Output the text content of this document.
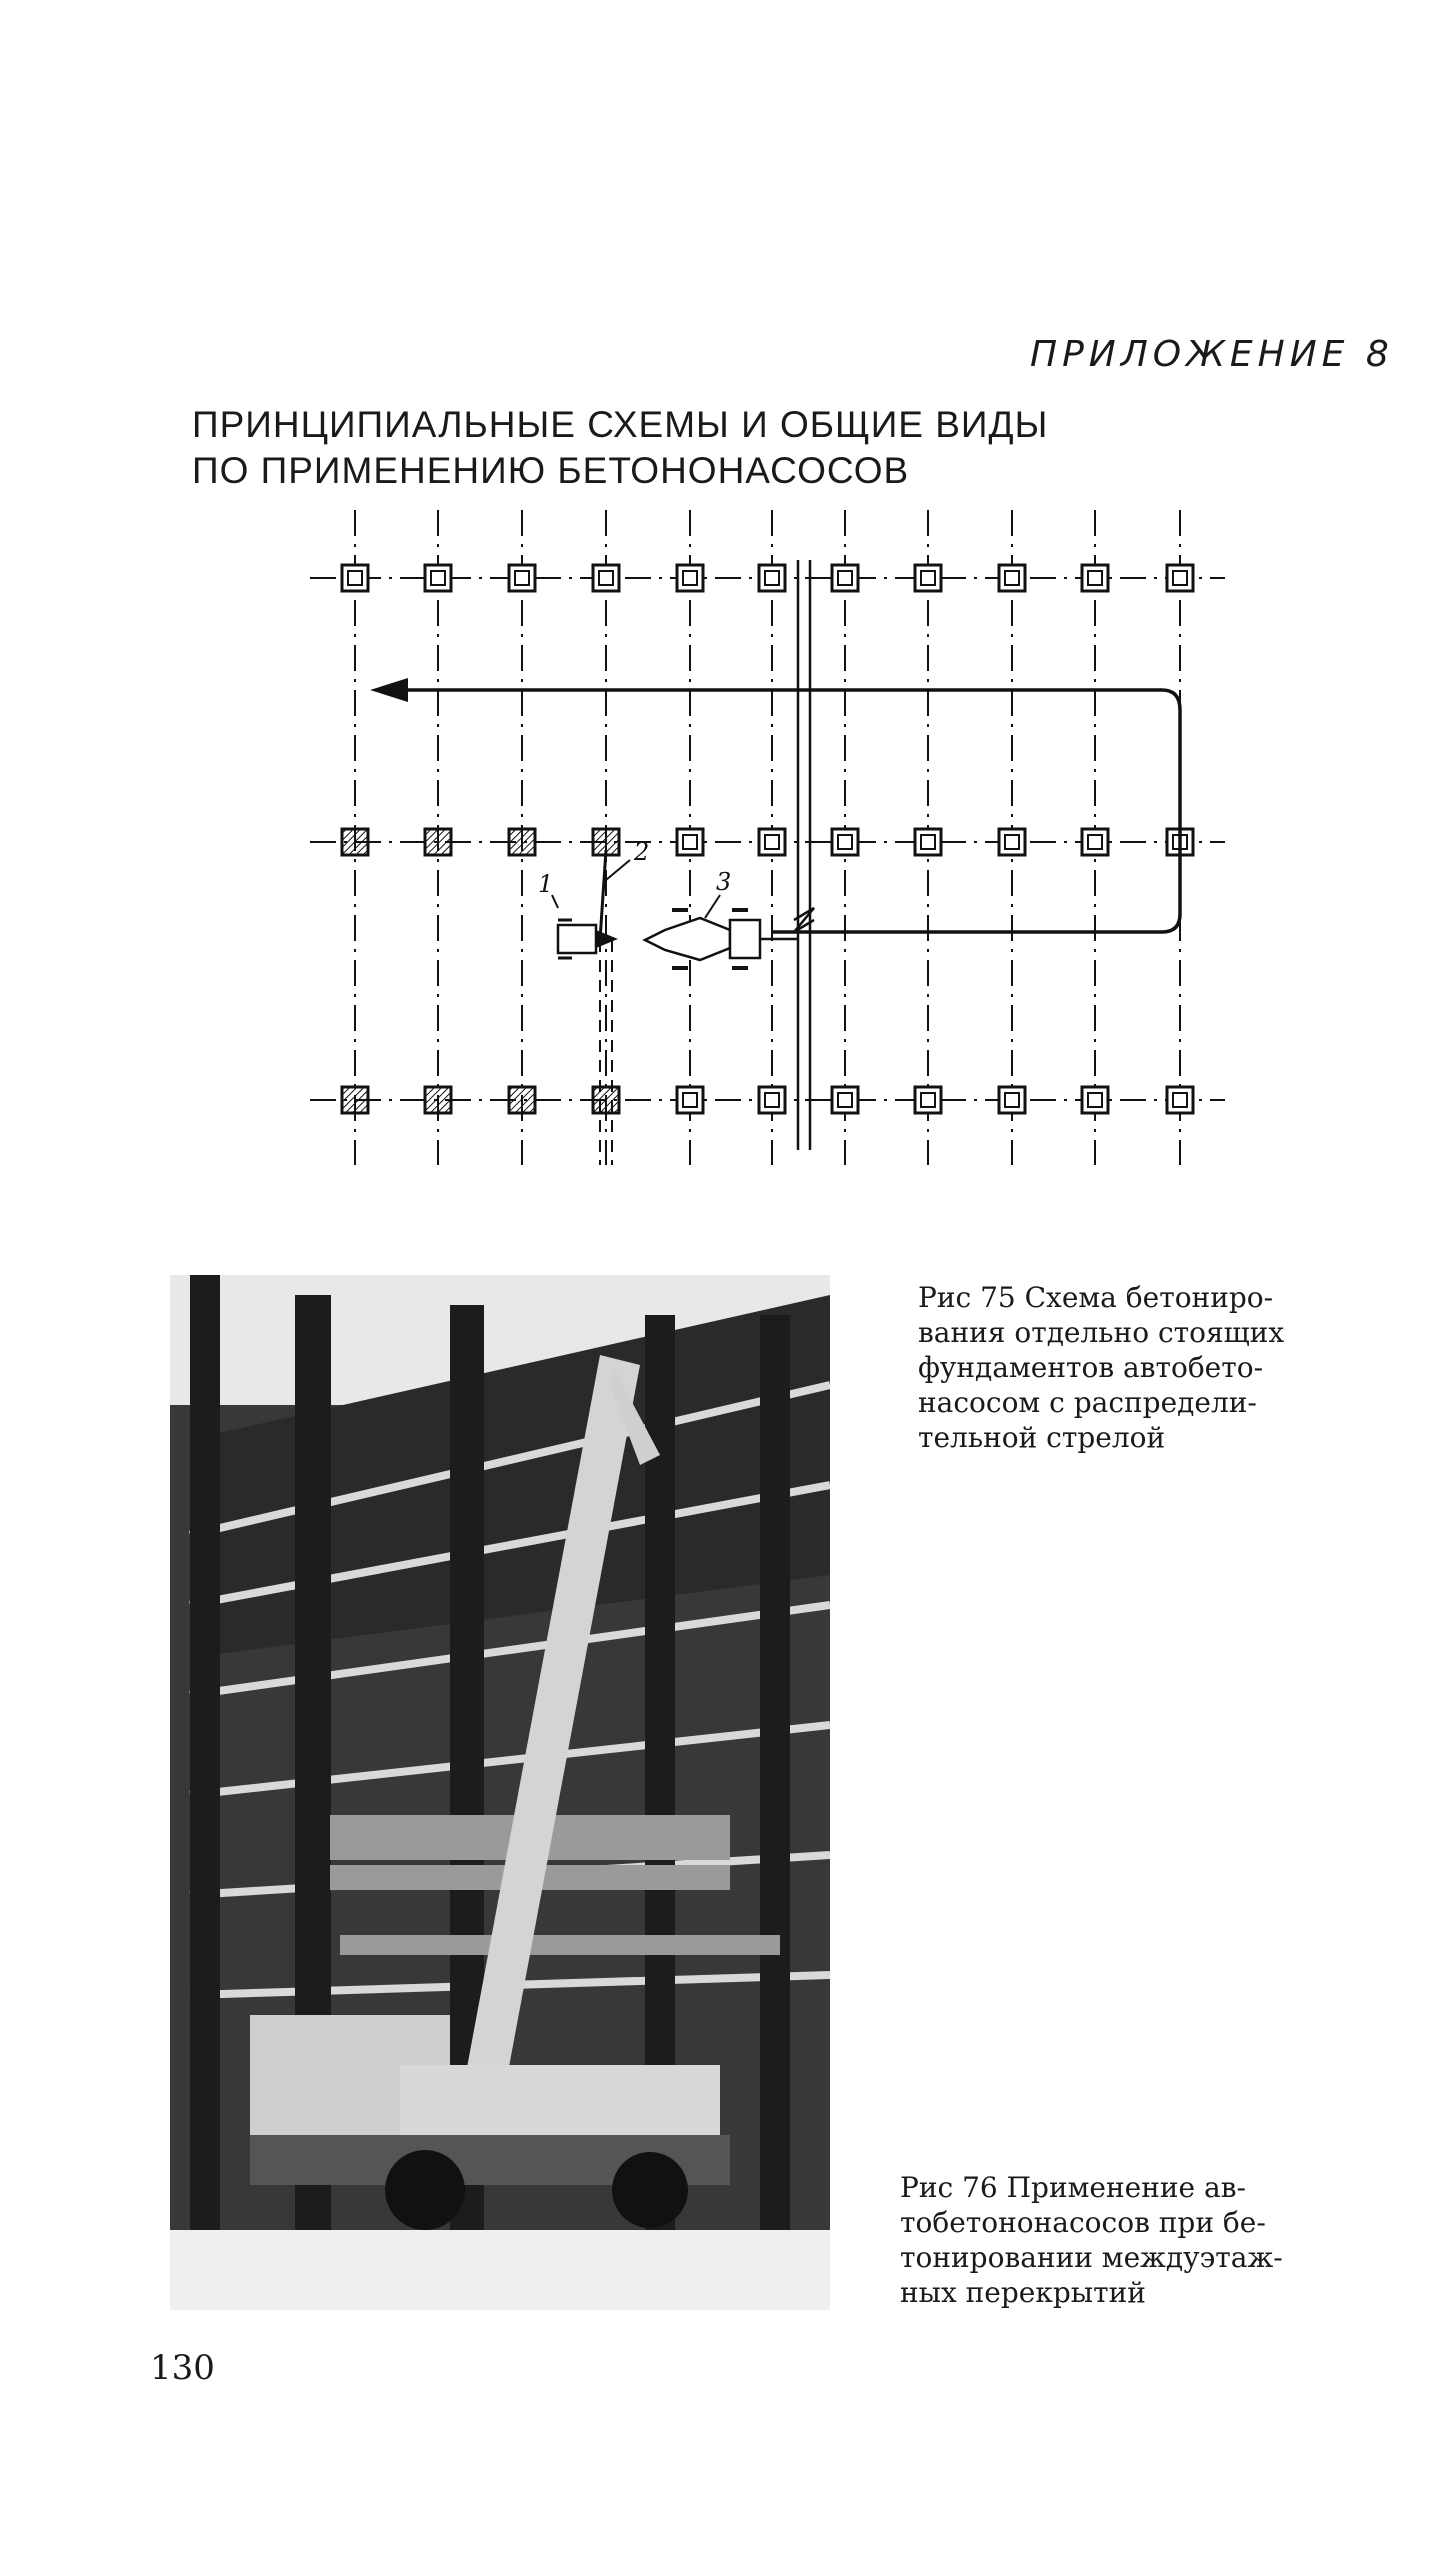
ПРИЛОЖЕНИЕ 8
ПРИНЦИПИАЛЬНЫЕ СХЕМЫ И ОБЩИЕ ВИДЫ
ПО ПРИМЕНЕНИЮ БЕТОНОНАСОСОВ
1
2
3
Рис 75 Схема бетониро-
вания отдельно стоящих
фундаментов автобето-
насосом с распредели-
тельной стрелой
Рис 76 Применение ав-
тобетононасосов при бе-
тонировании междуэтаж-
ных перекрытий
130
